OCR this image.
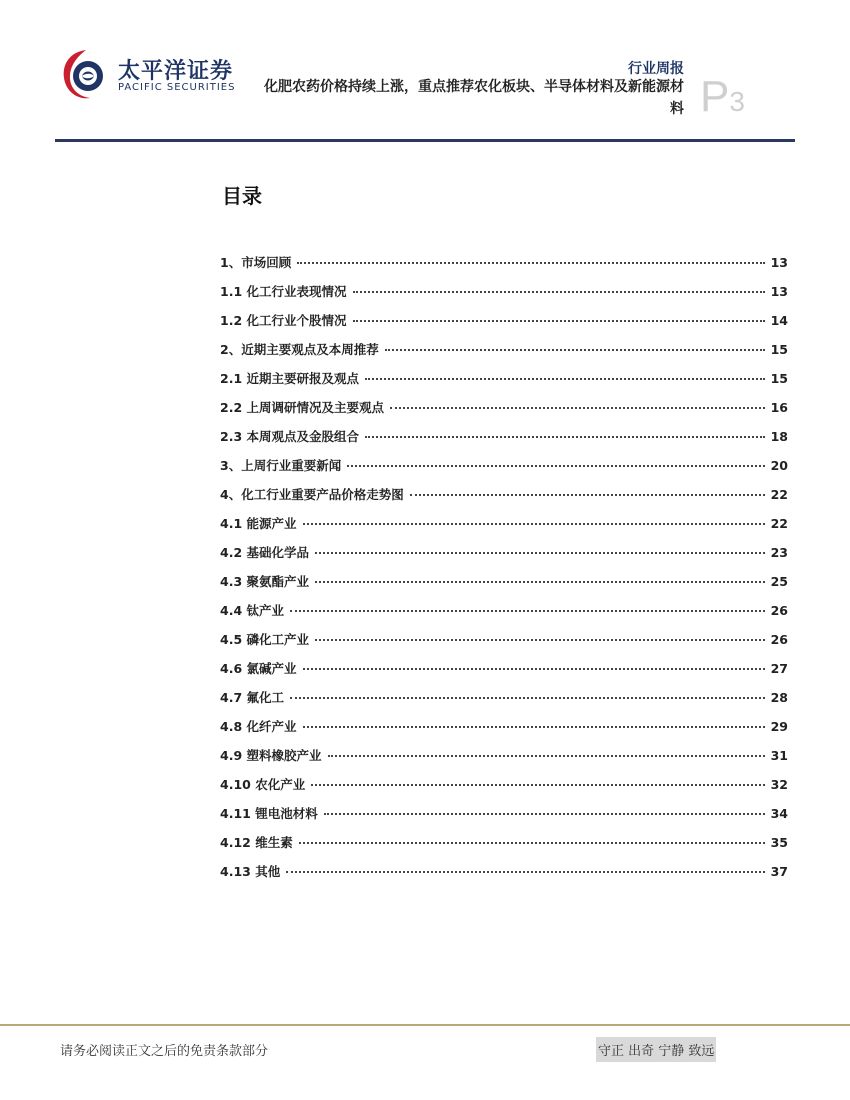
太平洋证券
PACIFIC SECURITIES
行业周报
化肥农药价格持续上涨，重点推荐农化板块、半导体材料及新能源材料 P3
目录
1、市场回顾	13
1.1 化工行业表现情况	13
1.2 化工行业个股情况	14
2、近期主要观点及本周推荐	15
2.1 近期主要研报及观点	15
2.2 上周调研情况及主要观点	16
2.3 本周观点及金股组合	18
3、上周行业重要新闻	20
4、化工行业重要产品价格走势图	22
4.1 能源产业	22
4.2 基础化学品	23
4.3 聚氨酯产业	25
4.4 钛产业	26
4.5 磷化工产业	26
4.6 氯碱产业	27
4.7 氟化工	28
4.8 化纤产业	29
4.9 塑料橡胶产业	31
4.10 农化产业	32
4.11 锂电池材料	34
4.12 维生素	35
4.13 其他	37
请务必阅读正文之后的免责条款部分	守正 出奇 宁静 致远
